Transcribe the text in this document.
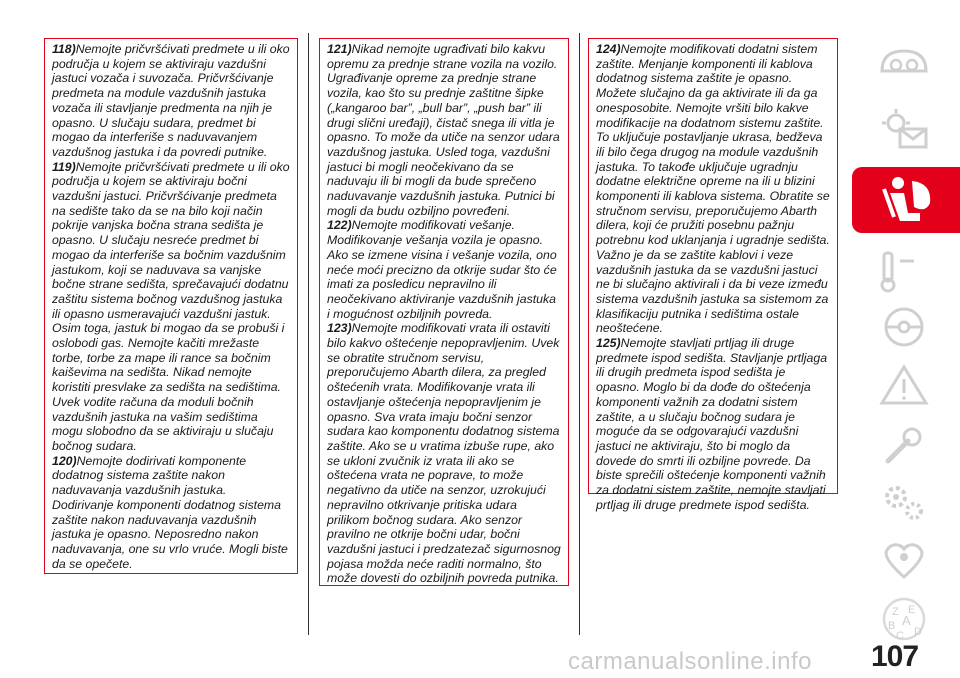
118)Nemojte pričvršćivati predmete u ili oko područja u kojem se aktiviraju vazdušni jastuci vozača i suvozača. Pričvršćivanje predmeta na module vazdušnih jastuka vozača ili stavljanje predmenta na njih je opasno. U slučaju sudara, predmet bi mogao da interferiše s naduvavanjem vazdušnog jastuka i da povredi putnike.

119)Nemojte pričvršćivati predmete u ili oko područja u kojem se aktiviraju bočni vazdušni jastuci. Pričvršćivanje predmeta na sedište tako da se na bilo koji način pokrije vanjska bočna strana sedišta je opasno. U slučaju nesreće predmet bi mogao da interferiše sa bočnim vazdušnim jastukom, koji se naduvava sa vanjske bočne strane sedišta, sprečavajući dodatnu zaštitu sistema bočnog vazdušnog jastuka ili opasno usmeravajući vazdušni jastuk. Osim toga, jastuk bi mogao da se probuši i oslobodi gas. Nemojte kačiti mrežaste torbe, torbe za mape ili rance sa bočnim kaiševima na sedišta. Nikad nemojte koristiti presvlake za sedišta na sedištima. Uvek vodite računa da moduli bočnih vazdušnih jastuka na vašim sedištima mogu slobodno da se aktiviraju u slučaju bočnog sudara.

120)Nemojte dodirivati komponente dodatnog sistema zaštite nakon naduvavanja vazdušnih jastuka. Dodirivanje komponenti dodatnog sistema zaštite nakon naduvavanja vazdušnih jastuka je opasno. Neposredno nakon naduvavanja, one su vrlo vruće. Mogli biste da se opečete.

121)Nikad nemojte ugrađivati bilo kakvu opremu za prednje strane vozila na vozilo. Ugrađivanje opreme za prednje strane vozila, kao što su prednje zaštitne šipke („kangaroo bar”, „bull bar”, „push bar” ili drugi slični uređaji), čistač snega ili vitla je opasno. To može da utiče na senzor udara vazdušnog jastuka. Usled toga, vazdušni jastuci bi mogli neočekivano da se naduvaju ili bi mogli da bude sprečeno naduvavanje vazdušnih jastuka. Putnici bi mogli da budu ozbiljno povređeni.

122)Nemojte modifikovati vešanje. Modifikovanje vešanja vozila je opasno. Ako se izmene visina i vešanje vozila, ono neće moći precizno da otkrije sudar što će imati za posledicu nepravilno ili neočekivano aktiviranje vazdušnih jastuka i mogućnost ozbiljnih povreda.

123)Nemojte modifikovati vrata ili ostaviti bilo kakvo oštećenje nepopravljenim. Uvek se obratite stručnom servisu, preporučujemo Abarth dilera, za pregled oštećenih vrata. Modifikovanje vrata ili ostavljanje oštećenja nepopravljenim je opasno. Sva vrata imaju bočni senzor sudara kao komponentu dodatnog sistema zaštite. Ako se u vratima izbuše rupe, ako se ukloni zvučnik iz vrata ili ako se oštećena vrata ne poprave, to može negativno da utiče na senzor, uzrokujući nepravilno otkrivanje pritiska udara prilikom bočnog sudara. Ako senzor pravilno ne otkrije bočni udar, bočni vazdušni jastuci i predzatezač sigurnosnog pojasa možda neće raditi normalno, što može dovesti do ozbiljnih povreda putnika.

124)Nemojte modifikovati dodatni sistem zaštite. Menjanje komponenti ili kablova dodatnog sistema zaštite je opasno. Možete slučajno da ga aktivirate ili da ga onesposobite. Nemojte vršiti bilo kakve modifikacije na dodatnom sistemu zaštite. To uključuje postavljanje ukrasa, bedževa ili bilo čega drugog na module vazdušnih jastuka. To takođe uključuje ugradnju dodatne električne opreme na ili u blizini komponenti ili kablova sistema. Obratite se stručnom servisu, preporučujemo Abarth dilera, koji će pružiti posebnu pažnju potrebnu kod uklanjanja i ugradnje sedišta. Važno je da se zaštite kablovi i veze vazdušnih jastuka da se vazdušni jastuci ne bi slučajno aktivirali i da bi veze između sistema vazdušnih jastuka sa sistemom za klasifikaciju putnika i sedištima ostale neoštećene.

125)Nemojte stavljati prtljag ili druge predmete ispod sedišta. Stavljanje prtljaga ili drugih predmeta ispod sedišta je opasno. Moglo bi da dođe do oštećenja komponenti važnih za dodatni sistem zaštite, a u slučaju bočnog sudara je moguće da se odgovarajući vazdušni jastuci ne aktiviraju, što bi moglo da dovede do smrti ili ozbiljne povrede. Da biste sprečili oštećenje komponenti važnih za dodatni sistem zaštite, nemojte stavljati prtljag ili druge predmete ispod sedišta.

Z E
B A
C D
107
carmanualsonline.info
